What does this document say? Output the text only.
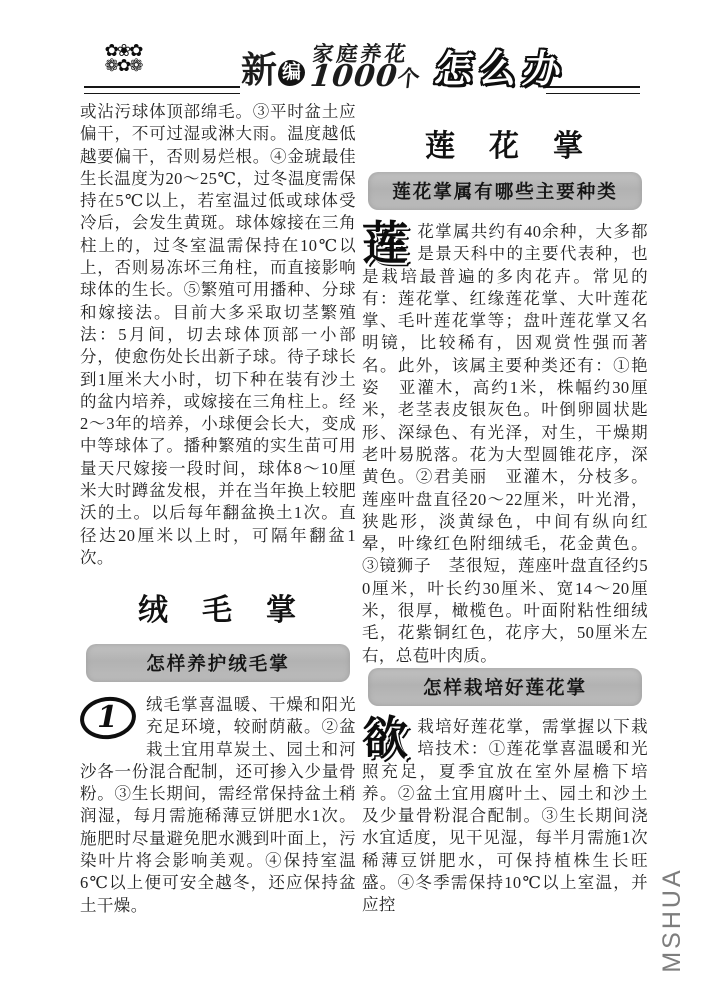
✿❀✿
❁✿❁	新 编
家庭养花
1000个 怎么办
或沾污球体顶部绵毛。③平时盆土应偏干，不可过湿或淋大雨。温度越低越要偏干，否则易烂根。④金琥最佳生长温度为20～25℃，过冬温度需保持在5℃以上，若室温过低或球体受冷后，会发生黄斑。球体嫁接在三角柱上的，过冬室温需保持在10℃以上，否则易冻坏三角柱，而直接影响球体的生长。⑤繁殖可用播种、分球和嫁接法。目前大多采取切茎繁殖法：5月间，切去球体顶部一小部分，使愈伤处长出新子球。待子球长到1厘米大小时，切下种在装有沙土的盆内培养，或嫁接在三角柱上。经2～3年的培养，小球便会长大，变成中等球体了。播种繁殖的实生苗可用量天尺嫁接一段时间，球体8～10厘米大时蹲盆发根，并在当年换上较肥沃的土。以后每年翻盆换土1次。直径达20厘米以上时，可隔年翻盆1次。
绒　毛　掌
怎样养护绒毛掌
1 绒毛掌喜温暖、干燥和阳光充足环境，较耐荫蔽。②盆栽土宜用草炭土、园土和河沙各一份混合配制，还可掺入少量骨粉。③生长期间，需经常保持盆土稍润湿，每月需施稀薄豆饼肥水1次。施肥时尽量避免肥水溅到叶面上，污染叶片将会影响美观。④保持室温6℃以上便可安全越冬，还应保持盆土干燥。
莲　花　掌
莲花掌属有哪些主要种类
莲花掌属共约有40余种，大多都是景天科中的主要代表种，也是栽培最普遍的多肉花卉。常见的有：莲花掌、红缘莲花掌、大叶莲花掌、毛叶莲花掌等；盘叶莲花掌又名明镜，比较稀有，因观赏性强而著名。此外，该属主要种类还有：①艳姿　亚灌木，高约1米，株幅约30厘米，老茎表皮银灰色。叶倒卵圆状匙形、深绿色、有光泽，对生，干燥期老叶易脱落。花为大型圆锥花序，深黄色。②君美丽　亚灌木，分枝多。莲座叶盘直径20～22厘米，叶光滑，狭匙形，淡黄绿色，中间有纵向红晕，叶缘红色附细绒毛，花金黄色。③镜狮子　茎很短，莲座叶盘直径约50厘米，叶长约30厘米、宽14～20厘米，很厚，橄榄色。叶面附粘性细绒毛，花紫铜红色，花序大，50厘米左右，总苞叶肉质。
怎样栽培好莲花掌
欲栽培好莲花掌，需掌握以下栽培技术：①莲花掌喜温暖和光照充足，夏季宜放在室外屋檐下培养。②盆土宜用腐叶土、园土和沙土及少量骨粉混合配制。③生长期间浇水宜适度，见干见湿，每半月需施1次稀薄豆饼肥水，可保持植株生长旺盛。④冬季需保持10℃以上室温，并应控	MSHUA
